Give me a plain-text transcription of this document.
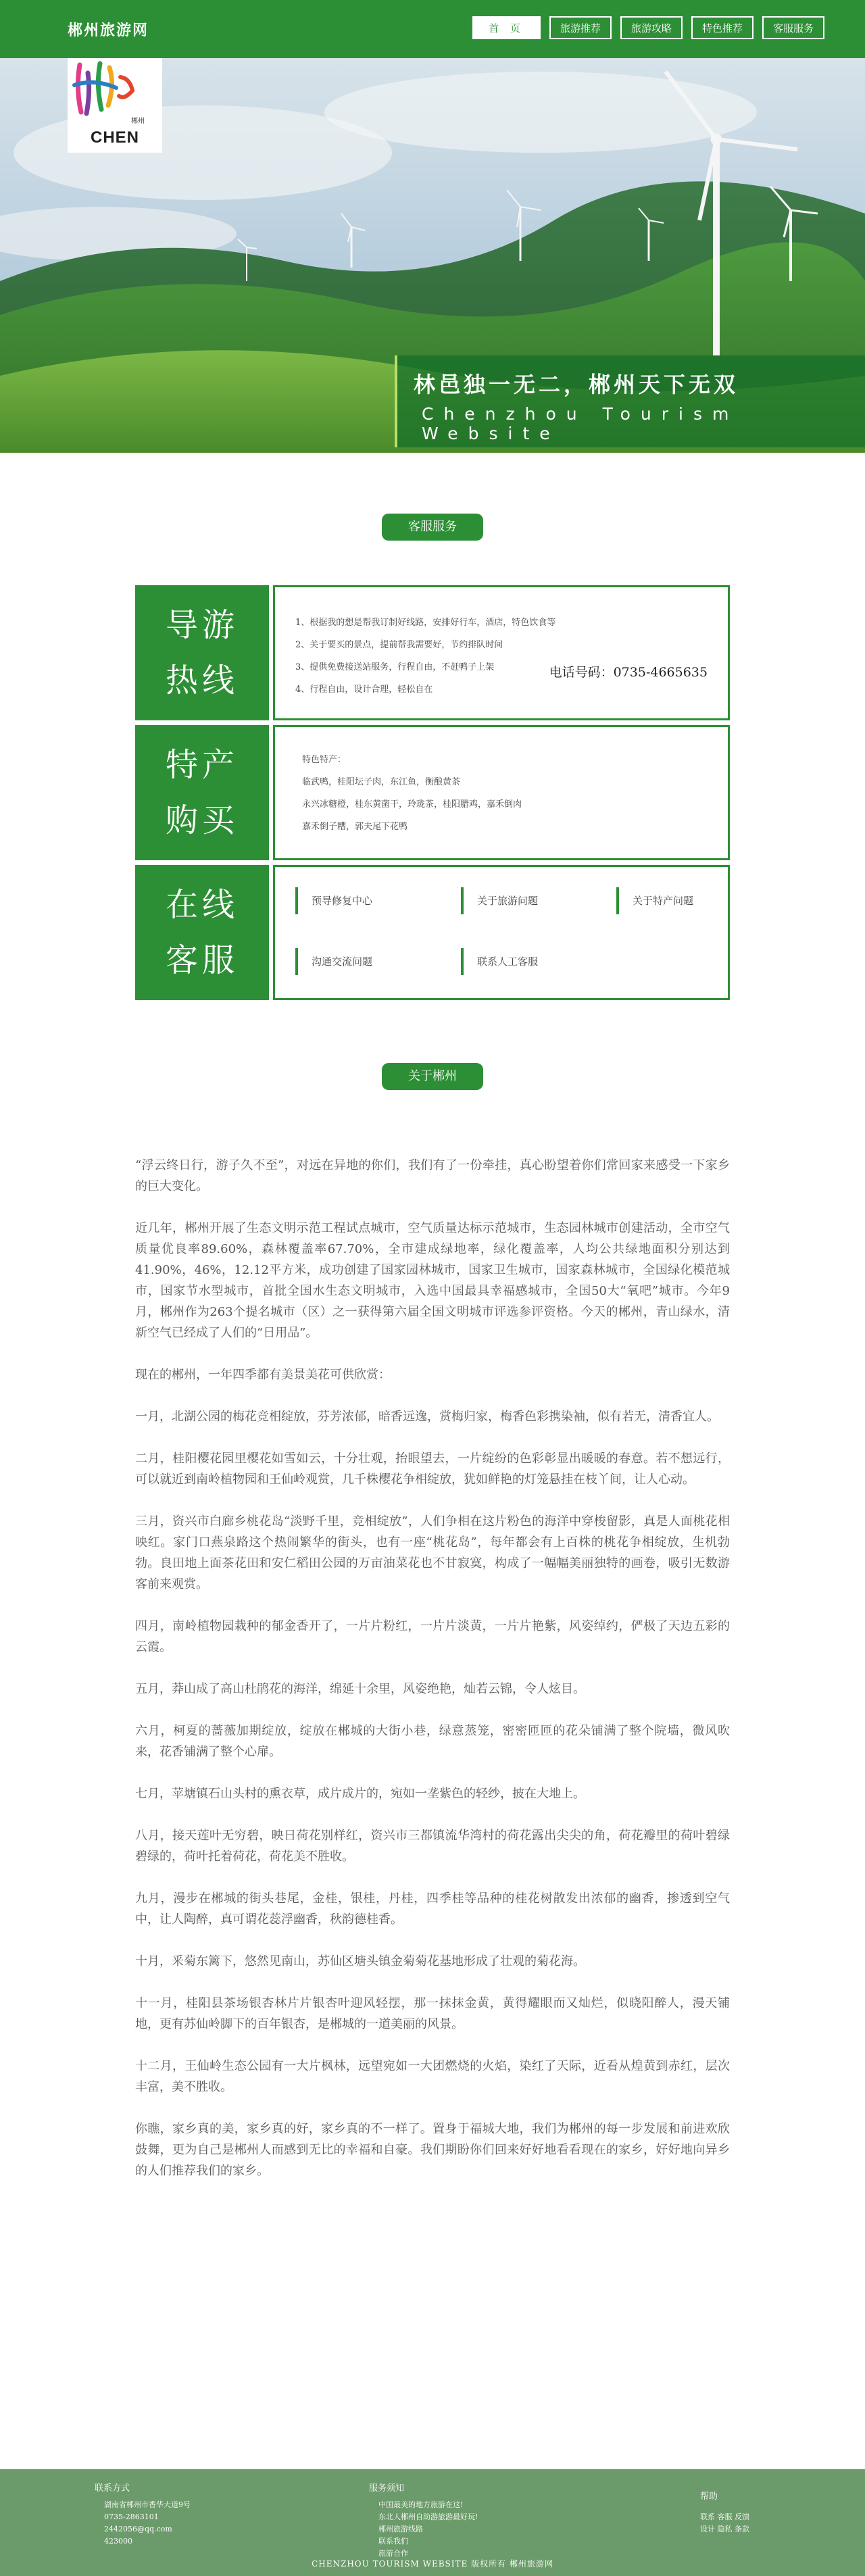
郴州旅游网	首 页	旅游推荐	旅游攻略	特色推荐	客服服务
郴州
CHEN
林邑独一无二，郴州天下无双
Chenzhou Tourism Website
客服服务
导游
热线
1、根据我的想是帮我订制好线路，安排好行车，酒店，特色饮食等
2、关于要买的景点，提前帮我需要好，节约排队时间
3、提供免费接送站服务，行程自由，不赶鸭子上架
4、行程自由，设计合理，轻松自在
电话号码：0735-4665635
特产
购买
特色特产：
临武鸭，桂阳坛子肉，东江鱼，衡酿黄茶
永兴冰糖橙，桂东黄菌干，玲珑茶，桂阳腊鸡，嘉禾倒肉
嘉禾倒子糟，郭夫尾下花鸭
在线
客服
预导修复中心	关于旅游问题	关于特产问题
沟通交流问题	联系人工客服
关于郴州

“浮云终日行，游子久不至”，对远在异地的你们，我们有了一份牵挂，真心盼望着你们常回家来感受一下家乡的巨大变化。

近几年，郴州开展了生态文明示范工程试点城市，空气质量达标示范城市，生态园林城市创建活动，全市空气质量优良率89.60%，森林覆盖率67.70%，全市建成绿地率，绿化覆盖率，人均公共绿地面积分别达到41.90%，46%，12.12平方米，成功创建了国家园林城市，国家卫生城市，国家森林城市，全国绿化模范城市，国家节水型城市，首批全国水生态文明城市，入选中国最具幸福感城市，全国50大“氧吧”城市。今年9月，郴州作为263个提名城市（区）之一获得第六届全国文明城市评选参评资格。今天的郴州，青山绿水，清新空气已经成了人们的“日用品”。

现在的郴州，一年四季都有美景美花可供欣赏：

一月，北湖公园的梅花竞相绽放，芬芳浓郁，暗香远逸，赏梅归家，梅香色彩携染袖，似有若无，清香宜人。

二月，桂阳樱花园里樱花如雪如云，十分壮观，抬眼望去，一片绽纷的色彩彰显出暖暖的春意。若不想远行，可以就近到南岭植物园和王仙岭观赏，几千株樱花争相绽放，犹如鲜艳的灯笼悬挂在枝丫间，让人心动。

三月，资兴市白廊乡桃花岛“淡野千里，竞相绽放”，人们争相在这片粉色的海洋中穿梭留影，真是人面桃花相映红。家门口燕泉路这个热闹繁华的街头，也有一座“桃花岛”，每年都会有上百株的桃花争相绽放，生机勃勃。良田地上面茶花田和安仁稻田公园的万亩油菜花也不甘寂寞，构成了一幅幅美丽独特的画卷，吸引无数游客前来观赏。

四月，南岭植物园栽种的郁金香开了，一片片粉红，一片片淡黄，一片片艳紫，风姿绰约，俨极了天边五彩的云霞。

五月，莽山成了高山杜鹃花的海洋，绵延十余里，风姿绝艳，灿若云锦，令人炫目。

六月，柯夏的蔷薇加期绽放，绽放在郴城的大街小巷，绿意蒸笼，密密匝匝的花朵铺满了整个院墙，微风吹来，花香铺满了整个心扉。

七月，苹塘镇石山头村的熏衣草，成片成片的，宛如一垄紫色的轻纱，披在大地上。

八月，接天莲叶无穷碧，映日荷花别样红，资兴市三都镇流华湾村的荷花露出尖尖的角，荷花瓣里的荷叶碧绿碧绿的，荷叶托着荷花，荷花美不胜收。

九月，漫步在郴城的街头巷尾，金桂，银桂，丹桂，四季桂等品种的桂花树散发出浓郁的幽香，掺透到空气中，让人陶醉，真可谓花蕊浮幽香，秋韵德桂香。

十月，釆菊东篱下，悠然见南山，苏仙区塘头镇金菊菊花基地形成了壮观的菊花海。

十一月，桂阳县茶场银杏林片片银杏叶迎风轻摆，那一抹抹金黄，黄得耀眼而又灿烂，似晓阳醉人，漫天铺地，更有苏仙岭脚下的百年银杏，是郴城的一道美丽的风景。

十二月，王仙岭生态公园有一大片枫林，远望宛如一大团燃烧的火焰，染红了天际，近看从煌黄到赤红，层次丰富，美不胜收。

你瞧，家乡真的美，家乡真的好，家乡真的不一样了。置身于福城大地，我们为郴州的每一步发展和前进欢欣鼓舞，更为自己是郴州人而感到无比的幸福和自豪。我们期盼你们回来好好地看看现在的家乡，好好地向异乡的人们推荐我们的家乡。

联系方式
湖南省郴州市香华大道9号
0735-2863101
2442056@qq.com
423000
服务须知
中国最美的地方旅游在这!
东北人郴州自助游旅游最好玩!
郴州旅游线路
联系我们
旅游合作
帮助
联系 客服 反馈
设计 隐私 条款
CHENZHOU TOURISM WEBSITE 版权所有 郴州旅游网
